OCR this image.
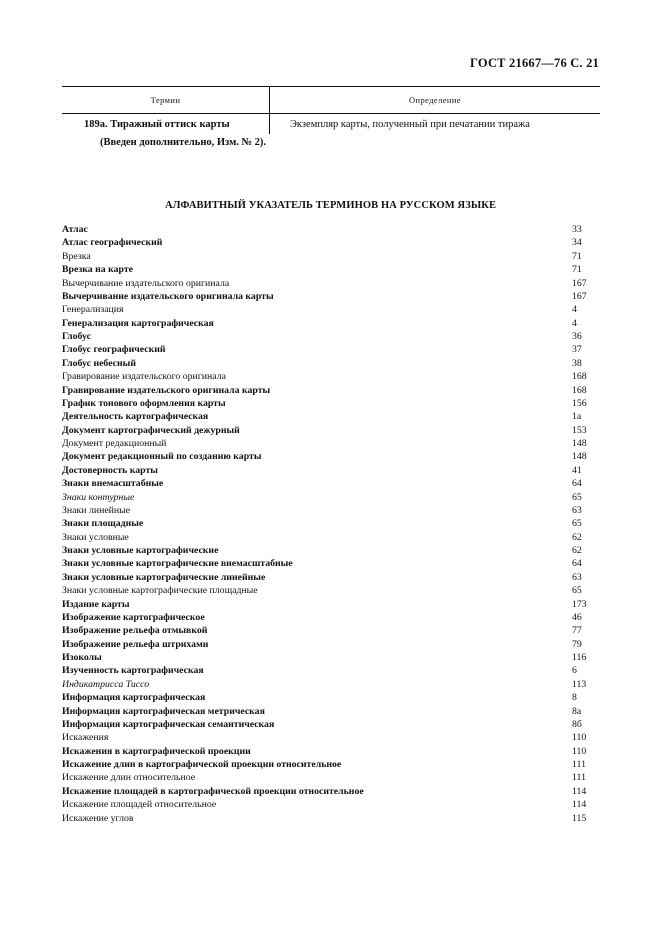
ГОСТ 21667—76 С. 21
Термин	Определение
189а. Тиражный оттиск карты	Экземпляр карты, полученный при печатании тиража
(Введен дополнительно, Изм. № 2).
АЛФАВИТНЫЙ УКАЗАТЕЛЬ ТЕРМИНОВ НА РУССКОМ ЯЗЫКЕ
Атлас	33
Атлас географический	34
Врезка	71
Врезка на карте	71
Вычерчивание издательского оригинала	167
Вычерчивание издательского оригинала карты	167
Генерализация	4
Генерализация картографическая	4
Глобус	36
Глобус географический	37
Глобус небесный	38
Гравирование издательского оригинала	168
Гравирование издательского оригинала карты	168
График тонового оформления карты	156
Деятельность картографическая	1а
Документ картографический дежурный	153
Документ редакционный	148
Документ редакционный по созданию карты	148
Достоверность карты	41
Знаки внемасштабные	64
Знаки контурные	65
Знаки линейные	63
Знаки площадные	65
Знаки условные	62
Знаки условные картографические	62
Знаки условные картографические внемасштабные	64
Знаки условные картографические линейные	63
Знаки условные картографические площадные	65
Издание карты	173
Изображение картографическое	46
Изображение рельефа отмывкой	77
Изображение рельефа штрихами	79
Изоколы	116
Изученность картографическая	6
Индикатрисса Тиссо	113
Информация картографическая	8
Информация картографическая метрическая	8а
Информация картографическая семантическая	8б
Искажения	110
Искажения в картографической проекции	110
Искажение длин в картографической проекции относительное	111
Искажение длин относительное	111
Искажение площадей в картографической проекции относительное	114
Искажение площадей относительное	114
Искажение углов	115
